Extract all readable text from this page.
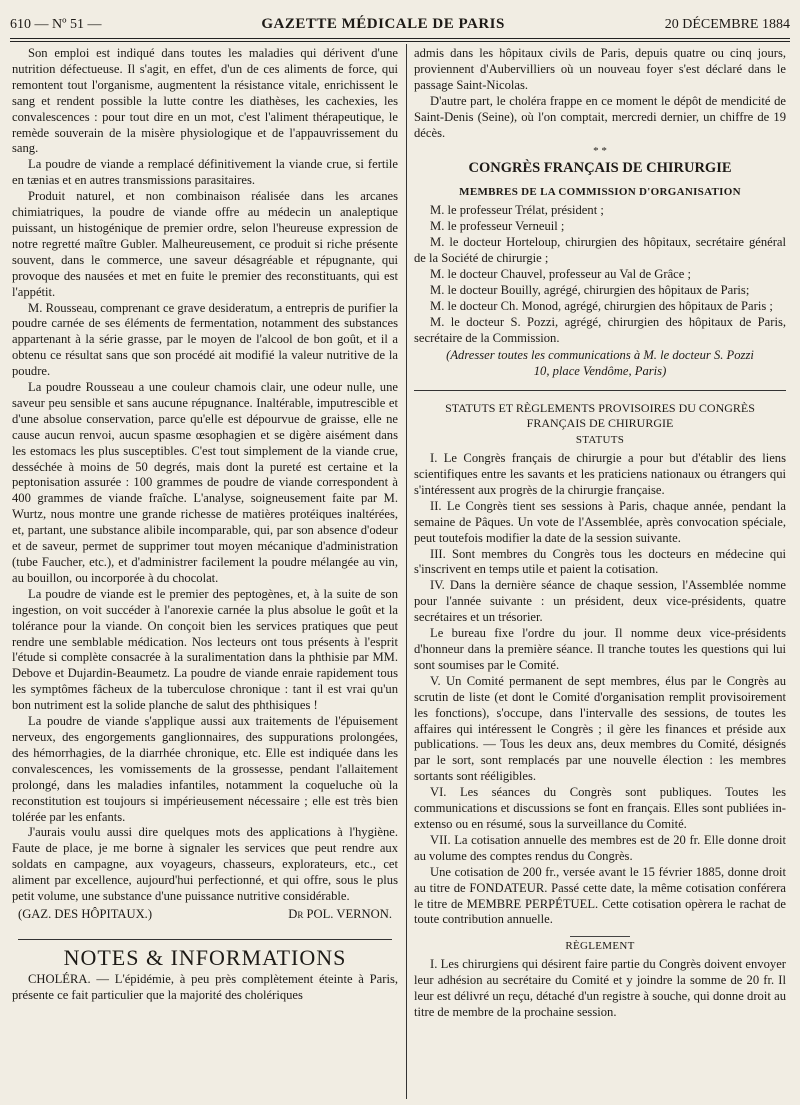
610 — Nº 51 —	GAZETTE MÉDICALE DE PARIS	20 DÉCEMBRE 1884

Son emploi est indiqué dans toutes les maladies qui dérivent d'une nutrition défectueuse. Il s'agit, en effet, d'un de ces aliments de force, qui remontent tout l'organisme, augmentent la résistance vitale, enrichissent le sang et rendent possible la lutte contre les diathèses, les cachexies, les convalescences : pour tout dire en un mot, c'est l'aliment thérapeutique, le remède souverain de la misère physiologique et de l'appauvrissement du sang.

La poudre de viande a remplacé définitivement la viande crue, si fertile en tænias et en autres transmissions parasitaires.

Produit naturel, et non combinaison réalisée dans les arcanes chimiatriques, la poudre de viande offre au médecin un analeptique puissant, un histogénique de premier ordre, selon l'heureuse expression de notre regretté maître Gubler. Malheureusement, ce produit si riche présente souvent, dans le commerce, une saveur désagréable et répugnante, qui provoque des nausées et met en fuite le premier des reconstituants, qui est l'appétit.

M. Rousseau, comprenant ce grave desideratum, a entrepris de purifier la poudre carnée de ses éléments de fermentation, notamment des substances appartenant à la série grasse, par le moyen de l'alcool de bon goût, et il a obtenu ce résultat sans que son procédé ait modifié la valeur nutritive de la poudre.

La poudre Rousseau a une couleur chamois clair, une odeur nulle, une saveur peu sensible et sans aucune répugnance. Inaltérable, imputrescible et d'une absolue conservation, parce qu'elle est dépourvue de graisse, elle ne cause aucun renvoi, aucun spasme œsophagien et se digère aisément dans les estomacs les plus susceptibles. C'est tout simplement de la viande crue, desséchée à moins de 50 degrés, mais dont la pureté est certaine et la peptonisation assurée : 100 grammes de poudre de viande correspondent à 400 grammes de viande fraîche. L'analyse, soigneusement faite par M. Wurtz, nous montre une grande richesse de matières protéiques inaltérées, et, partant, une substance alibile incomparable, qui, par son absence d'odeur et de saveur, permet de supprimer tout moyen mécanique d'administration (tube Faucher, etc.), et d'administrer facilement la poudre mélangée au vin, au bouillon, ou incorporée à du chocolat.

La poudre de viande est le premier des peptogènes, et, à la suite de son ingestion, on voit succéder à l'anorexie carnée la plus absolue le goût et la tolérance pour la viande. On conçoit bien les services pratiques que peut rendre une semblable médication. Nos lecteurs ont tous présents à l'esprit l'étude si complète consacrée à la suralimentation dans la phthisie par MM. Debove et Dujardin-Beaumetz. La poudre de viande enraie rapidement tous les symptômes fâcheux de la tuberculose chronique : tant il est vrai qu'un bon nutriment est la solide planche de salut des phthisiques !

La poudre de viande s'applique aussi aux traitements de l'épuisement nerveux, des engorgements ganglionnaires, des suppurations prolongées, des hémorrhagies, de la diarrhée chronique, etc. Elle est indiquée dans les convalescences, les vomissements de la grossesse, pendant l'allaitement prolongé, dans les maladies infantiles, notamment la coqueluche où la reconstitution est toujours si impérieusement nécessaire ; elle est très bien tolérée par les enfants.

J'aurais voulu aussi dire quelques mots des applications à l'hygiène. Faute de place, je me borne à signaler les services que peut rendre aux soldats en campagne, aux voyageurs, chasseurs, explorateurs, etc., cet aliment par excellence, aujourd'hui perfectionné, et qui offre, sous le plus petit volume, une substance d'une puissance nutritive considérable.

(GAZ. DES HÔPITAUX.)	Dr POL. VERNON.
NOTES & INFORMATIONS

CHOLÉRA. — L'épidémie, à peu près complètement éteinte à Paris, présente ce fait particulier que la majorité des cholériques

admis dans les hôpitaux civils de Paris, depuis quatre ou cinq jours, proviennent d'Aubervilliers où un nouveau foyer s'est déclaré dans le passage Saint-Nicolas.

D'autre part, le choléra frappe en ce moment le dépôt de mendicité de Saint-Denis (Seine), où l'on comptait, mercredi dernier, un chiffre de 19 décès.

* *
CONGRÈS FRANÇAIS DE CHIRURGIE
MEMBRES DE LA COMMISSION D'ORGANISATION

M. le professeur Trélat, président ;

M. le professeur Verneuil ;

M. le docteur Horteloup, chirurgien des hôpitaux, secrétaire général de la Société de chirurgie ;

M. le docteur Chauvel, professeur au Val de Grâce ;

M. le docteur Bouilly, agrégé, chirurgien des hôpitaux de Paris;

M. le docteur Ch. Monod, agrégé, chirurgien des hôpitaux de Paris ;

M. le docteur S. Pozzi, agrégé, chirurgien des hôpitaux de Paris, secrétaire de la Commission.

(Adresser toutes les communications à M. le docteur S. Pozzi
10, place Vendôme, Paris)
STATUTS ET RÈGLEMENTS PROVISOIRES DU CONGRÈS FRANÇAIS DE CHIRURGIE
STATUTS

I. Le Congrès français de chirurgie a pour but d'établir des liens scientifiques entre les savants et les praticiens nationaux ou étrangers qui s'intéressent aux progrès de la chirurgie française.

II. Le Congrès tient ses sessions à Paris, chaque année, pendant la semaine de Pâques. Un vote de l'Assemblée, après convocation spéciale, peut toutefois modifier la date de la session suivante.

III. Sont membres du Congrès tous les docteurs en médecine qui s'inscrivent en temps utile et paient la cotisation.

IV. Dans la dernière séance de chaque session, l'Assemblée nomme pour l'année suivante : un président, deux vice-présidents, quatre secrétaires et un trésorier.

Le bureau fixe l'ordre du jour. Il nomme deux vice-présidents d'honneur dans la première séance. Il tranche toutes les questions qui lui sont soumises par le Comité.

V. Un Comité permanent de sept membres, élus par le Congrès au scrutin de liste (et dont le Comité d'organisation remplit provisoirement les fonctions), s'occupe, dans l'intervalle des sessions, de toutes les affaires qui intéressent le Congrès ; il gère les finances et préside aux publications. — Tous les deux ans, deux membres du Comité, désignés par le sort, sont remplacés par une nouvelle élection : les membres sortants sont rééligibles.

VI. Les séances du Congrès sont publiques. Toutes les communications et discussions se font en français. Elles sont publiées in-extenso ou en résumé, sous la surveillance du Comité.

VII. La cotisation annuelle des membres est de 20 fr. Elle donne droit au volume des comptes rendus du Congrès.

Une cotisation de 200 fr., versée avant le 15 février 1885, donne droit au titre de FONDATEUR. Passé cette date, la même cotisation conférera le titre de MEMBRE PERPÉTUEL. Cette cotisation opèrera le rachat de toute contribution annuelle.

RÈGLEMENT

I. Les chirurgiens qui désirent faire partie du Congrès doivent envoyer leur adhésion au secrétaire du Comité et y joindre la somme de 20 fr. Il leur est délivré un reçu, détaché d'un registre à souche, qui donne droit au titre de membre de la prochaine session.
